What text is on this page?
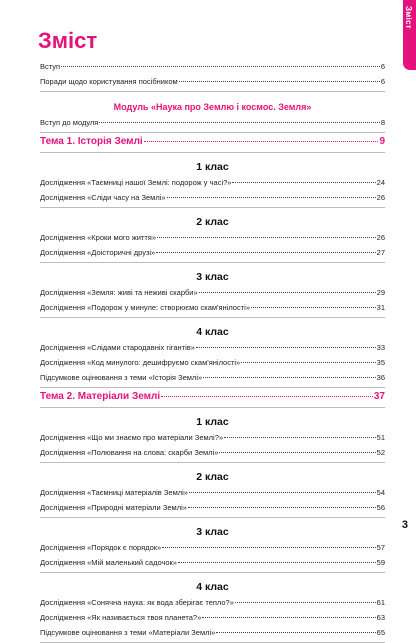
Зміст
Зміст
Вступ	6
Поради щодо користування посібником	6
Модуль «Наука про Землю і космос. Земля»
Вступ до модуля	8
Тема 1. Історія Землі	9
1 клас
Дослідження «Таємниці нашої Землі: подорож у часі?»	24
Дослідження «Сліди часу на Землі»	26
2 клас
Дослідження «Кроки мого життя»	26
Дослідження «Доісторичні друзі»	27
3 клас
Дослідження «Земля: живі та неживі скарби»	29
Дослідження «Подорож у минуле: створюємо скам'янілості»	31
4 клас
Дослідження «Слідами стародавніх гігантів»	33
Дослідження «Код минулого: дешифруємо скам'янілості»	35
Підсумкове оцінювання з теми «Історія Землі»	36
Тема 2. Матеріали Землі	37
1 клас
Дослідження «Що ми знаємо про матеріали Землі?»	51
Дослідження «Полювання на слова: скарби Землі»	52
2 клас
Дослідження «Таємниці матеріалів Землі»	54
Дослідження «Природні матеріали Землі»	56
3 клас
Дослідження «Порядок є порядок»	57
Дослідження «Мій маленький садочок»	59
4 клас
Дослідження «Сонячна наука: як вода зберігає тепло?»	61
Дослідження «Як називається твоя планета?»	63
Підсумкове оцінювання з теми «Матеріали Землі»	65
3
